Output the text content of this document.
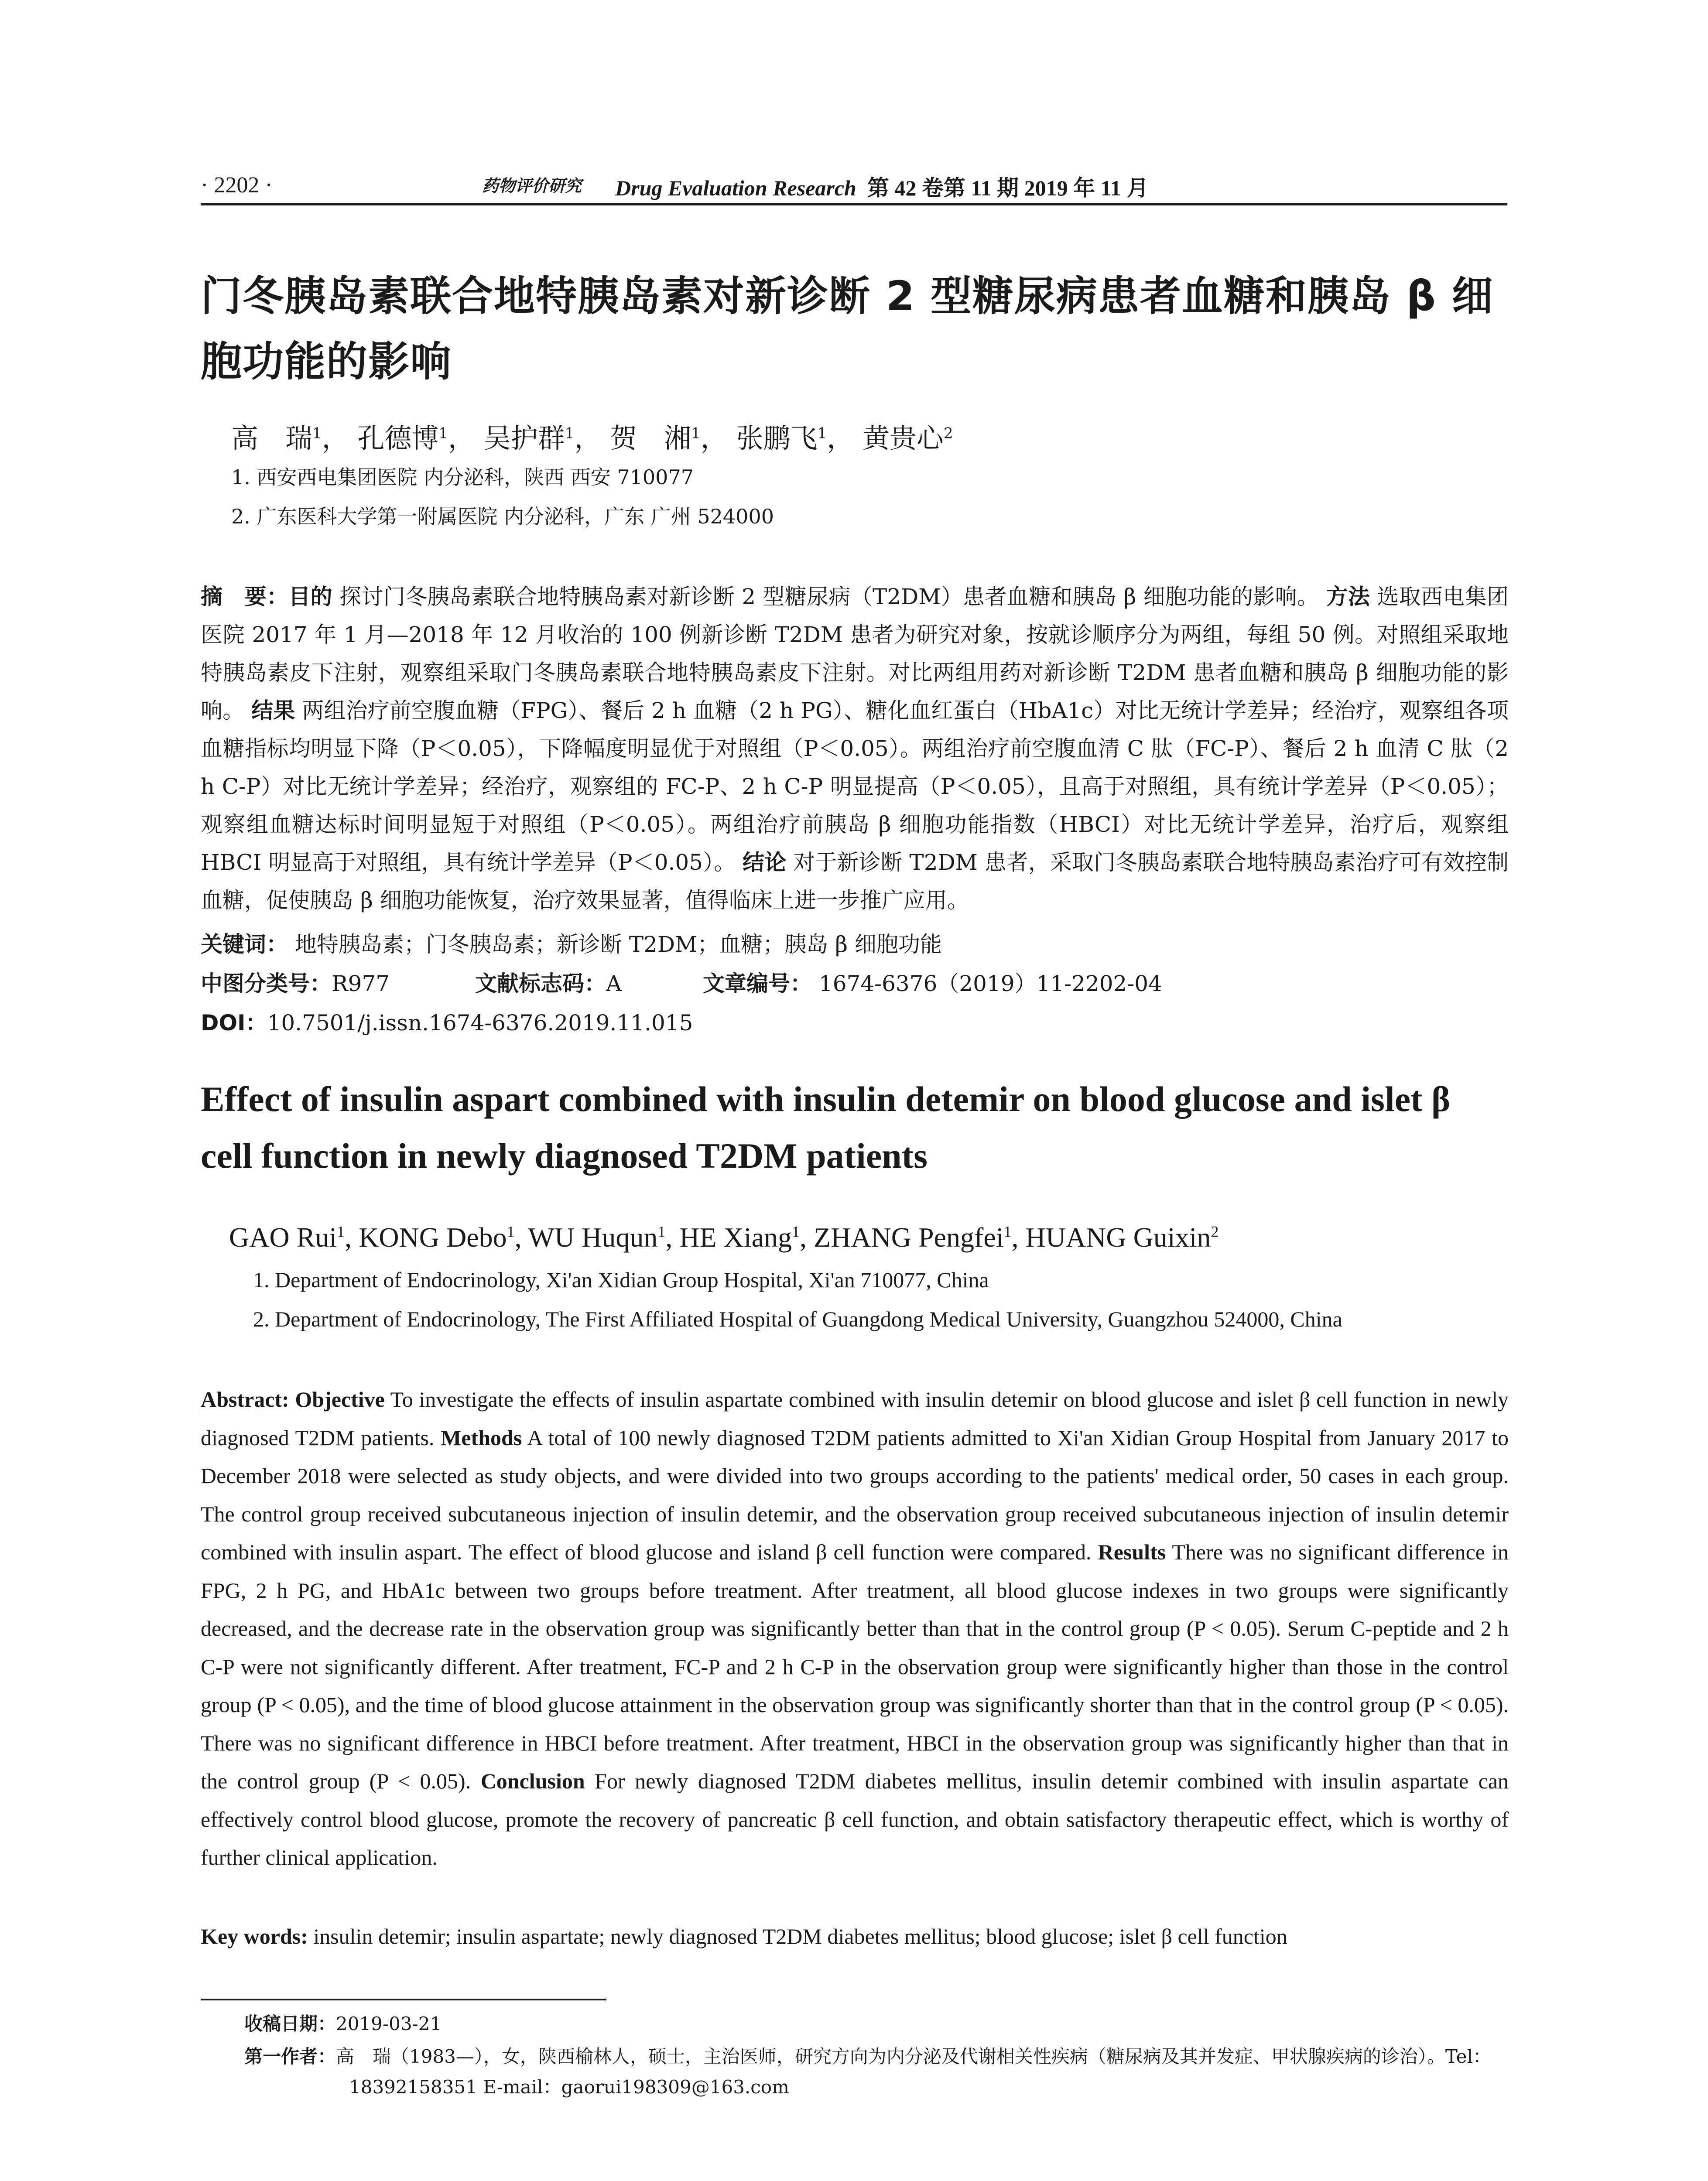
· 2202 ·	药物评价研究 Drug Evaluation Research 第 42 卷第 11 期 2019 年 11 月
门冬胰岛素联合地特胰岛素对新诊断 2 型糖尿病患者血糖和胰岛 β 细胞功能的影响
高　瑞$^1$， 孔德博$^1$， 吴护群$^1$， 贺　湘$^1$， 张鹏飞$^1$， 黄贵心$^2$
1. 西安西电集团医院 内分泌科，陕西 西安 710077
2. 广东医科大学第一附属医院 内分泌科，广东 广州 524000
摘　要：目的 探讨门冬胰岛素联合地特胰岛素对新诊断 2 型糖尿病（T2DM）患者血糖和胰岛 β 细胞功能的影响。 方法 选取西电集团医院 2017 年 1 月—2018 年 12 月收治的 100 例新诊断 T2DM 患者为研究对象，按就诊顺序分为两组，每组 50 例。对照组采取地特胰岛素皮下注射，观察组采取门冬胰岛素联合地特胰岛素皮下注射。对比两组用药对新诊断 T2DM 患者血糖和胰岛 β 细胞功能的影响。 结果 两组治疗前空腹血糖（FPG）、餐后 2 h 血糖（2 h PG）、糖化血红蛋白（HbA1c）对比无统计学差异；经治疗，观察组各项血糖指标均明显下降（P＜0.05），下降幅度明显优于对照组（P＜0.05）。两组治疗前空腹血清 C 肽（FC-P）、餐后 2 h 血清 C 肽（2 h C-P）对比无统计学差异；经治疗，观察组的 FC-P、2 h C-P 明显提高（P＜0.05），且高于对照组，具有统计学差异（P＜0.05）；观察组血糖达标时间明显短于对照组（P＜0.05）。两组治疗前胰岛 β 细胞功能指数（HBCI）对比无统计学差异，治疗后，观察组 HBCI 明显高于对照组，具有统计学差异（P＜0.05）。 结论 对于新诊断 T2DM 患者，采取门冬胰岛素联合地特胰岛素治疗可有效控制血糖，促使胰岛 β 细胞功能恢复，治疗效果显著，值得临床上进一步推广应用。
关键词： 地特胰岛素；门冬胰岛素；新诊断 T2DM；血糖；胰岛 β 细胞功能
中图分类号：R977	文献标志码：A	文章编号： 1674-6376（2019）11-2202-04
DOI：10.7501/j.issn.1674-6376.2019.11.015
Effect of insulin aspart combined with insulin detemir on blood glucose and islet β cell function in newly diagnosed T2DM patients
GAO Rui$^1$, KONG Debo$^1$, WU Huqun$^1$, HE Xiang$^1$, ZHANG Pengfei$^1$, HUANG Guixin$^2$
1. Department of Endocrinology, Xi'an Xidian Group Hospital, Xi'an 710077, China
2. Department of Endocrinology, The First Affiliated Hospital of Guangdong Medical University, Guangzhou 524000, China
Abstract: Objective To investigate the effects of insulin aspartate combined with insulin detemir on blood glucose and islet β cell function in newly diagnosed T2DM patients. Methods A total of 100 newly diagnosed T2DM patients admitted to Xi'an Xidian Group Hospital from January 2017 to December 2018 were selected as study objects, and were divided into two groups according to the patients' medical order, 50 cases in each group. The control group received subcutaneous injection of insulin detemir, and the observation group received subcutaneous injection of insulin detemir combined with insulin aspart. The effect of blood glucose and island β cell function were compared. Results There was no significant difference in FPG, 2 h PG, and HbA1c between two groups before treatment. After treatment, all blood glucose indexes in two groups were significantly decreased, and the decrease rate in the observation group was significantly better than that in the control group (P < 0.05). Serum C-peptide and 2 h C-P were not significantly different. After treatment, FC-P and 2 h C-P in the observation group were significantly higher than those in the control group (P < 0.05), and the time of blood glucose attainment in the observation group was significantly shorter than that in the control group (P < 0.05). There was no significant difference in HBCI before treatment. After treatment, HBCI in the observation group was significantly higher than that in the control group (P < 0.05). Conclusion For newly diagnosed T2DM diabetes mellitus, insulin detemir combined with insulin aspartate can effectively control blood glucose, promote the recovery of pancreatic β cell function, and obtain satisfactory therapeutic effect, which is worthy of further clinical application.
Key words: insulin detemir; insulin aspartate; newly diagnosed T2DM diabetes mellitus; blood glucose; islet β cell function
收稿日期：2019-03-21
第一作者：高　瑞（1983—），女，陕西榆林人，硕士，主治医师，研究方向为内分泌及代谢相关性疾病（糖尿病及其并发症、甲状腺疾病的诊治）。Tel：18392158351 E-mail：gaorui198309@163.com
